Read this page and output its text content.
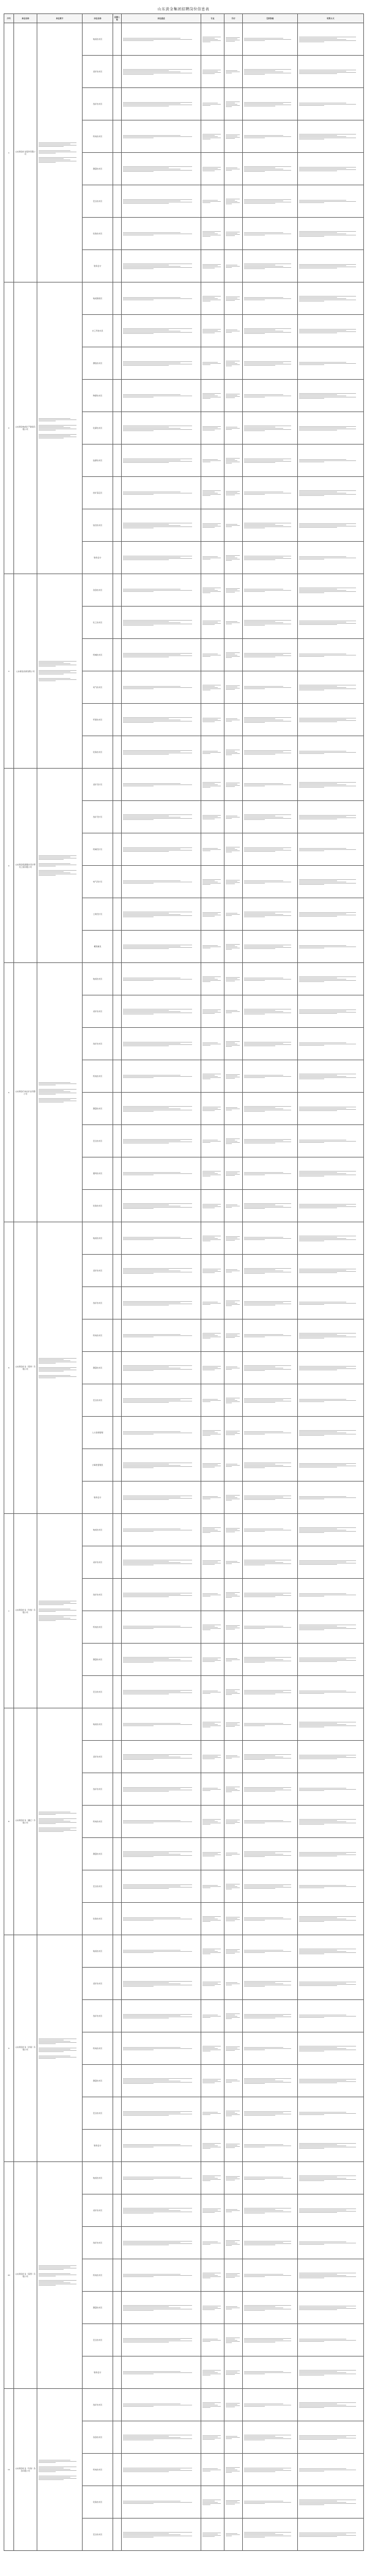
山东黄金集团招聘岗位信息表
序号	单位名称	单位简介	岗位名称	招聘人数	岗位描述	专业	学历	任职资格	联系方式
1	山东黄金矿业股份有限公司		地质技术员		

			采矿技术员		

			选矿技术员		

			机电技术员		

			测量技术员		

			安全技术员		

			化验技术员		

			财务会计		

2	山东黄金地质矿产勘查有限公司		地质勘查员		

			水工环技术员		

			测绘技术员		

			物探技术员		

			化探技术员		

			钻探技术员		

			岩矿鉴定员		

			信息技术员		

			财务会计		

3	山东黄金冶炼有限公司		冶金技术员		

			化工技术员		

			机械技术员		

			电气技术员		

			环保技术员		

			化验技术员		

4	山东黄金集团烟台设计研究工程有限公司		采矿设计员		

			选矿设计员		

			机械设计员		

			电气设计员		

			土建设计员		

			概预算员		

5	山东黄金归来庄矿业有限公司		地质技术员		

			采矿技术员		

			选矿技术员		

			机电技术员		

			测量技术员		

			安全技术员		

			通风技术员		

			化验技术员		

6	山东黄金矿业（莱州）有限公司		地质技术员		

			采矿技术员		

			选矿技术员		

			机电技术员		

			测量技术员		

			安全技术员		

			人力资源管理		

			计算机管理员		

			财务会计		

7	山东黄金矿业（玲珑）有限公司		地质技术员		

			采矿技术员		

			选矿技术员		

			机电技术员		

			测量技术员		

			安全技术员		

8	山东黄金矿业（鑫汇）有限公司		地质技术员		

			采矿技术员		

			选矿技术员		

			机电技术员		

			测量技术员		

			安全技术员		

			化验技术员		

9	山东黄金矿业（沂南）有限公司		地质技术员		

			采矿技术员		

			选矿技术员		

			机电技术员		

			测量技术员		

			安全技术员		

			财务会计		

10	山东黄金矿业（莱西）有限公司		地质技术员		

			采矿技术员		

			选矿技术员		

			机电技术员		

			测量技术员		

			安全技术员		

			财务会计		

11	山东黄金矿业（玲珑）选冶有限公司		选矿技术员		

			冶金技术员		

			机电技术员		

			化验技术员		

			安全技术员		
